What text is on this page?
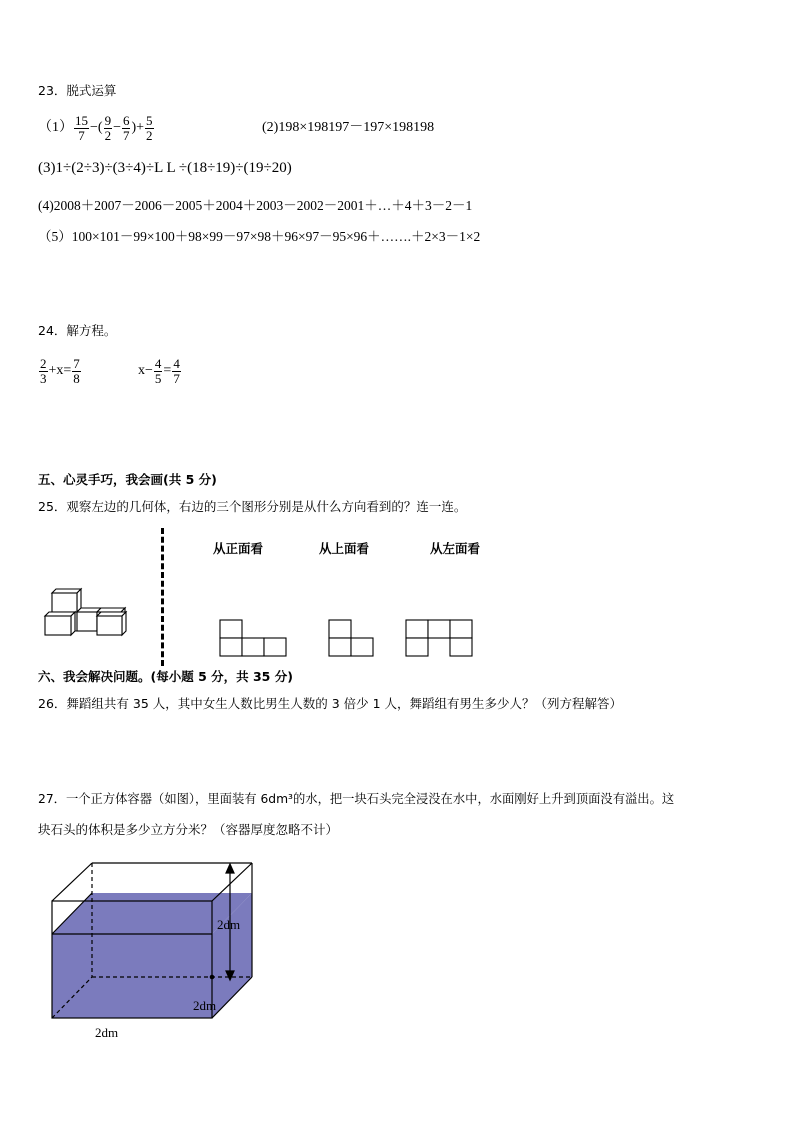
23．脱式运算
$(1) \frac{15}{7}$ −( $\frac{9}{2} - \frac{6}{7}$ )+ $\frac{5}{2}$	(2)198×198197－197×198198
(3)1÷(2÷3)÷(3÷4)÷L L ÷(18÷19)÷(19÷20)
(4)2008＋2007－2006－2005＋2004＋2003－2002－2001＋…＋4＋3－2－1
（5）100×101－99×100＋98×99－97×98＋96×97－95×96＋…….＋2×3－1×2
24．解方程。
$\frac{2}{3} +x= \frac{7}{8}$	$x- \frac{4}{5} = \frac{4}{7}$
五、心灵手巧，我会画(共 5 分)
25．观察左边的几何体，右边的三个图形分别是从什么方向看到的？连一连。
从正面看	从上面看	从左面看
六、我会解决问题。(每小题 5 分，共 35 分)
26．舞蹈组共有 35 人，其中女生人数比男生人数的 3 倍少 1 人，舞蹈组有男生多少人？（列方程解答）
27．一个正方体容器（如图），里面装有 6dm³的水，把一块石头完全浸没在水中，水面刚好上升到顶面没有溢出。这
块石头的体积是多少立方分米？（容器厚度忽略不计）
2dm
2dm
2dm
